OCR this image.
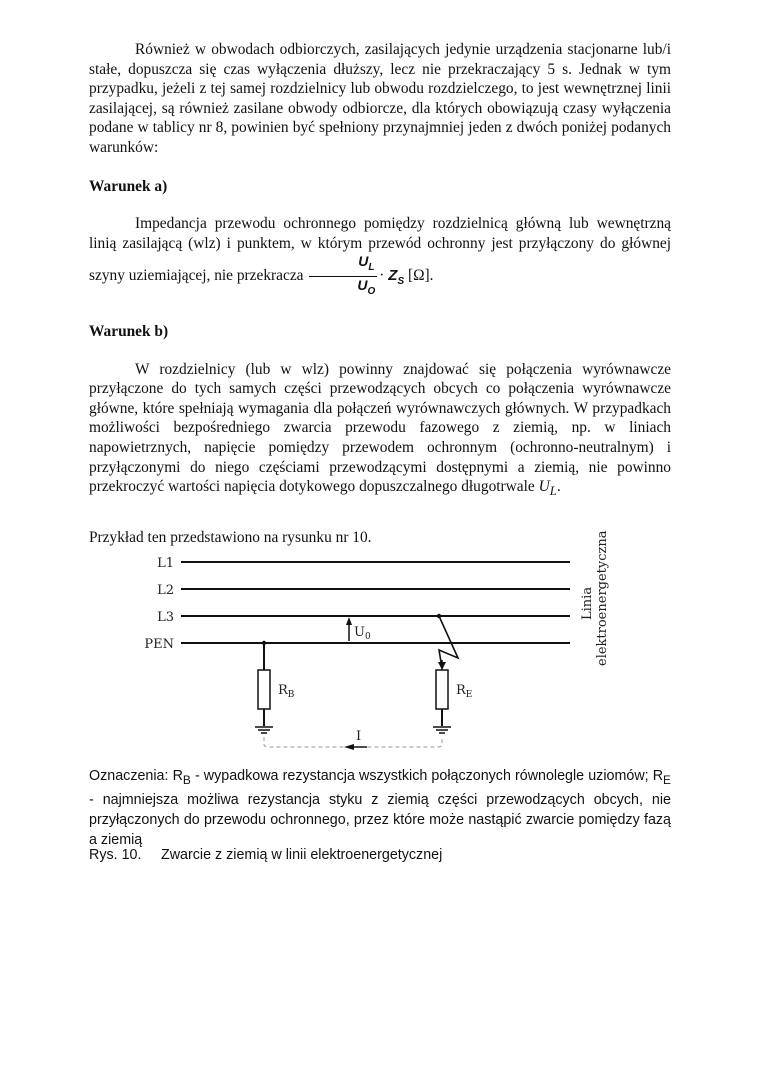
Również w obwodach odbiorczych, zasilających jedynie urządzenia stacjonarne lub/i stałe, dopuszcza się czas wyłączenia dłuższy, lecz nie przekraczający 5 s. Jednak w tym przypadku, jeżeli z tej samej rozdzielnicy lub obwodu rozdzielczego, to jest wewnętrznej linii zasilającej, są również zasilane obwody odbiorcze, dla których obowiązują czasy wyłączenia podane w tablicy nr 8, powinien być spełniony przynajmniej jeden z dwóch poniżej podanych warunków:

Warunek a)

Impedancja przewodu ochronnego pomiędzy rozdzielnicą główną lub wewnętrzną linią zasilającą (wlz) i punktem, w którym przewód ochronny jest przyłączony do głównej szyny uziemiającej, nie przekracza $\frac{U_L}{U_O} \cdot Z_S$ [Ω].

Warunek b)

W rozdzielnicy (lub w wlz) powinny znajdować się połączenia wyrównawcze przyłączone do tych samych części przewodzących obcych co połączenia wyrównawcze główne, które spełniają wymagania dla połączeń wyrównawczych głównych. W przypadkach możliwości bezpośredniego zwarcia przewodu fazowego z ziemią, np. w liniach napowietrznych, napięcie pomiędzy przewodem ochronnym (ochronno-neutralnym) i przyłączonymi do niego częściami przewodzącymi dostępnymi a ziemią, nie powinno przekroczyć wartości napięcia dotykowego dopuszczalnego długotrwale $U_L$.

Przykład ten przedstawiono na rysunku nr 10.

L1
L2
L3
PEN
$U_0$
$R_B$	$R_E$
I
Linia elektroenergetyczna
Oznaczenia: $R_B$ - wypadkowa rezystancja wszystkich połączonych równolegle uziomów; $R_E$ - najmniejsza możliwa rezystancja styku z ziemią części przewodzących obcych, nie przyłączonych do przewodu ochronnego, przez które może nastąpić zwarcie pomiędzy fazą a ziemią
Rys. 10.	Zwarcie z ziemią w linii elektroenergetycznej
